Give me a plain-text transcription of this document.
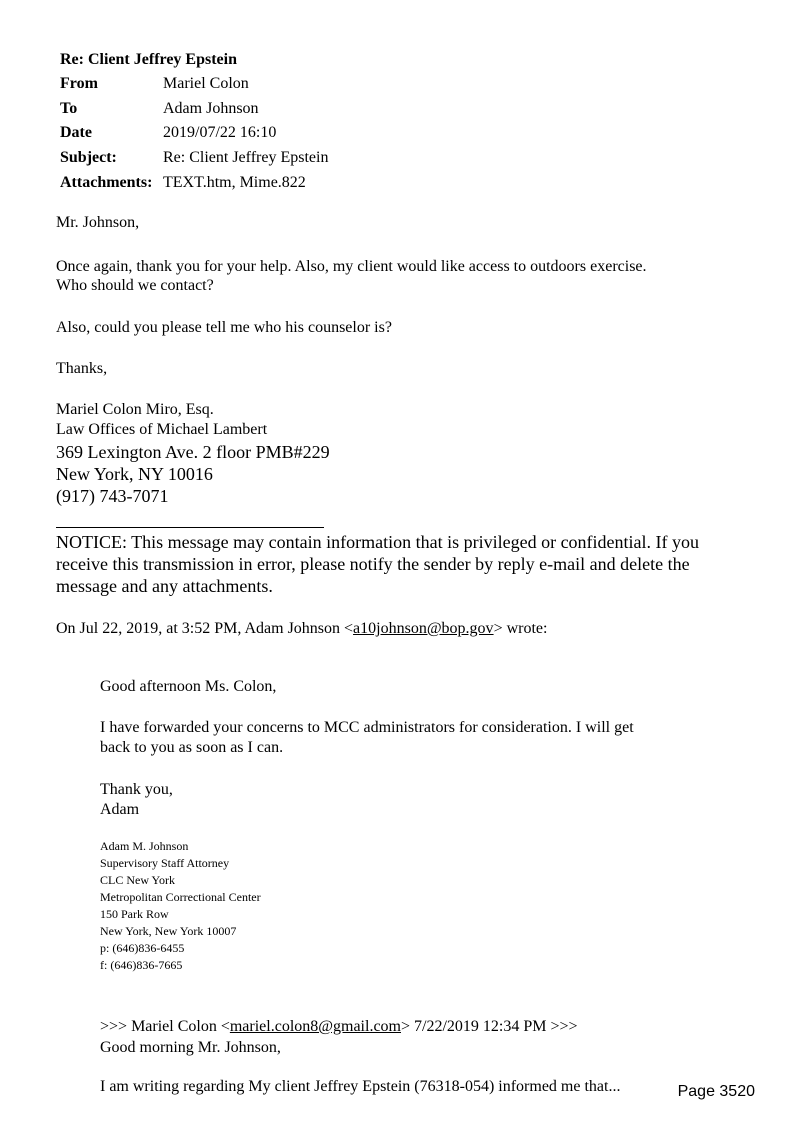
Re: Client Jeffrey Epstein
From	Mariel Colon
To	Adam Johnson
Date	2019/07/22 16:10
Subject:	Re: Client Jeffrey Epstein
Attachments:	TEXT.htm, Mime.822

Mr. Johnson,

Once again, thank you for your help. Also, my client would like access to outdoors exercise.

Who should we contact?

Also, could you please tell me who his counselor is?

Thanks,

Mariel Colon Miro, Esq.

Law Offices of Michael Lambert

369 Lexington Ave. 2 floor PMB#229

New York, NY 10016

(917) 743-7071

NOTICE: This message may contain information that is privileged or confidential. If you receive this transmission in error, please notify the sender by reply e-mail and delete the message and any attachments.

On Jul 22, 2019, at 3:52 PM, Adam Johnson <a10johnson@bop.gov> wrote:

Good afternoon Ms. Colon,

I have forwarded your concerns to MCC administrators for consideration. I will get

back to you as soon as I can.

Thank you,

Adam

Adam M. Johnson
Supervisory Staff Attorney
CLC New York
Metropolitan Correctional Center
150 Park Row
New York, New York 10007
p: (646)836-6455
f: (646)836-7665

>>> Mariel Colon <mariel.colon8@gmail.com> 7/22/2019 12:34 PM >>>

Good morning Mr. Johnson,

I am writing regarding My client Jeffrey Epstein (76318-054) informed me that...	Page 3520
